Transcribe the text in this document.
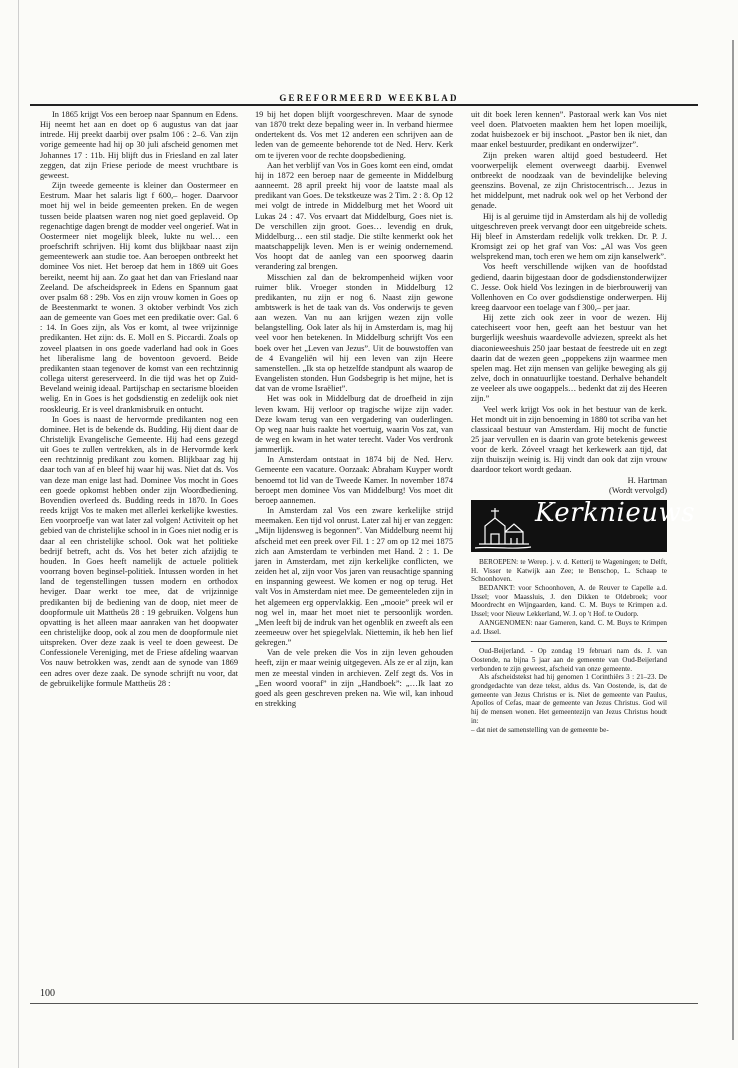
GEREFORMEERD WEEKBLAD

In 1865 krijgt Vos een beroep naar Spannum en Edens. Hij neemt het aan en doet op 6 augustus van dat jaar intrede. Hij preekt daarbij over psalm 106 : 2–6. Van zijn vorige gemeente had hij op 30 juli afscheid genomen met Johannes 17 : 11b. Hij blijft dus in Friesland en zal later zeggen, dat zijn Friese periode de meest vruchtbare is geweest.

Zijn tweede gemeente is kleiner dan Oostermeer en Eestrum. Maar het salaris ligt f 600,– hoger. Daarvoor moet hij wel in beide gemeenten preken. En de wegen tussen beide plaatsen waren nog niet goed geplaveid. Op regenachtige dagen brengt de modder veel ongerief. Wat in Oostermeer niet mogelijk bleek, lukte nu wel… een proefschrift schrijven. Hij komt dus blijkbaar naast zijn gemeentewerk aan studie toe. Aan beroepen ontbreekt het dominee Vos niet. Het beroep dat hem in 1869 uit Goes bereikt, neemt hij aan. Zo gaat het dan van Friesland naar Zeeland. De afscheidspreek in Edens en Spannum gaat over psalm 68 : 29b. Vos en zijn vrouw komen in Goes op de Beestenmarkt te wonen. 3 oktober verbindt Vos zich aan de gemeente van Goes met een predikatie over: Gal. 6 : 14. In Goes zijn, als Vos er komt, al twee vrijzinnige predikanten. Het zijn: ds. E. Moll en S. Piccardi. Zoals op zoveel plaatsen in ons goede vaderland had ook in Goes het liberalisme lang de boventoon gevoerd. Beide predikanten staan tegenover de komst van een rechtzinnig collega uiterst gereserveerd. In die tijd was het op Zuid-Beveland weinig ideaal. Partijschap en sectarisme bloeiden welig. En in Goes is het godsdienstig en zedelijk ook niet rooskleurig. Er is veel drankmisbruik en ontucht.

In Goes is naast de hervormde predikanten nog een dominee. Het is de bekende ds. Budding. Hij dient daar de Christelijk Evangelische Gemeente. Hij had eens gezegd uit Goes te zullen vertrekken, als in de Hervormde kerk een rechtzinnig predikant zou komen. Blijkbaar zag hij daar toch van af en bleef hij waar hij was. Niet dat ds. Vos van deze man enige last had. Dominee Vos mocht in Goes een goede opkomst hebben onder zijn Woordbediening. Bovendien overleed ds. Budding reeds in 1870. In Goes reeds krijgt Vos te maken met allerlei kerkelijke kwesties. Een voorproefje van wat later zal volgen! Activiteit op het gebied van de christelijke school in in Goes niet nodig er is daar al een christelijke school. Ook wat het politieke bedrijf betreft, acht ds. Vos het beter zich afzijdig te houden. In Goes heeft namelijk de actuele politiek voorrang boven beginsel-politiek. Intussen worden in het land de tegenstellingen tussen modern en orthodox heviger. Daar werkt toe mee, dat de vrijzinnige predikanten bij de bediening van de doop, niet meer de doopformule uit Mattheüs 28 : 19 gebruiken. Volgens hun opvatting is het alleen maar aanraken van het doopwater een christelijke doop, ook al zou men de doopformule niet uitspreken. Over deze zaak is veel te doen geweest. De Confessionele Vereniging, met de Friese afdeling waarvan Vos nauw betrokken was, zendt aan de synode van 1869 een adres over deze zaak. De synode schrijft nu voor, dat de gebruikelijke formule Mattheüs 28 :

19 bij het dopen blijft voorgeschreven. Maar de synode van 1870 trekt deze bepaling weer in. In verband hiermee ondertekent ds. Vos met 12 anderen een schrijven aan de leden van de gemeente behorende tot de Ned. Herv. Kerk om te ijveren voor de rechte doopsbediening.

Aan het verblijf van Vos in Goes komt een eind, omdat hij in 1872 een beroep naar de gemeente in Middelburg aanneemt. 28 april preekt hij voor de laatste maal als predikant van Goes. De tekstkeuze was 2 Tim. 2 : 8. Op 12 mei volgt de intrede in Middelburg met het Woord uit Lukas 24 : 47. Vos ervaart dat Middelburg, Goes niet is. De verschillen zijn groot. Goes… levendig en druk, Middelburg… een stil stadje. Die stilte kenmerkt ook het maatschappelijk leven. Men is er weinig ondernemend. Vos hoopt dat de aanleg van een spoorweg daarin verandering zal brengen.

Misschien zal dan de bekrompenheid wijken voor ruimer blik. Vroeger stonden in Middelburg 12 predikanten, nu zijn er nog 6. Naast zijn gewone ambtswerk is het de taak van ds. Vos onderwijs te geven aan wezen. Van nu aan krijgen wezen zijn volle belangstelling. Ook later als hij in Amsterdam is, mag hij veel voor hen betekenen. In Middelburg schrijft Vos een boek over het „Leven van Jezus”. Uit de bouwstoffen van de 4 Evangeliën wil hij een leven van zijn Heere samenstellen. „Ik sta op hetzelfde standpunt als waarop de Evangelisten stonden. Hun Godsbegrip is het mijne, het is dat van de vrome Israëliet”.

Het was ook in Middelburg dat de droefheid in zijn leven kwam. Hij verloor op tragische wijze zijn vader. Deze kwam terug van een vergadering van ouderlingen. Op weg naar huis raakte het voertuig, waarin Vos zat, van de weg en kwam in het water terecht. Vader Vos verdronk jammerlijk.

In Amsterdam ontstaat in 1874 bij de Ned. Herv. Gemeente een vacature. Oorzaak: Abraham Kuyper wordt benoemd tot lid van de Tweede Kamer. In november 1874 beroept men dominee Vos van Middelburg! Vos moet dit beroep aannemen.

In Amsterdam zal Vos een zware kerkelijke strijd meemaken. Een tijd vol onrust. Later zal hij er van zeggen: „Mijn lijdensweg is begonnen”. Van Middelburg neemt hij afscheid met een preek over Fil. 1 : 27 om op 12 mei 1875 zich aan Amsterdam te verbinden met Hand. 2 : 1. De jaren in Amsterdam, met zijn kerkelijke conflicten, we zeiden het al, zijn voor Vos jaren van reusachtige spanning en inspanning geweest. We komen er nog op terug. Het valt Vos in Amsterdam niet mee. De gemeenteleden zijn in het algemeen erg oppervlakkig. Een „mooie” preek wil er nog wel in, maar het moet niet te persoonlijk worden. „Men leeft bij de indruk van het ogenblik en zweeft als een zeemeeuw over het spiegelvlak. Niettemin, ik heb hen lief gekregen.”

Van de vele preken die Vos in zijn leven gehouden heeft, zijn er maar weinig uitgegeven. Als ze er al zijn, kan men ze meestal vinden in archieven. Zelf zegt ds. Vos in „Een woord vooraf” in zijn „Handboek”: „…Ik laat zo goed als geen geschreven preken na. Wie wil, kan inhoud en strekking

uit dit boek leren kennen”. Pastoraal werk kan Vos niet veel doen. Platvoeten maakten hem het lopen moeilijk, zodat huisbezoek er bij inschoot. „Pastor ben ik niet, dan maar enkel bestuurder, predikant en onderwijzer”.

Zijn preken waren altijd goed bestudeerd. Het voorwerpelijk element overweegt daarbij. Evenwel ontbreekt de noodzaak van de bevindelijke beleving geenszins. Bovenal, ze zijn Christocentrisch… Jezus in het middelpunt, met nadruk ook wel op het Verbond der genade.

Hij is al geruime tijd in Amsterdam als hij de volledig uitgeschreven preek vervangt door een uitgebreide schets. Hij bleef in Amsterdam redelijk volk trekken. Dr. P. J. Kromsigt zei op het graf van Vos: „Al was Vos geen welsprekend man, toch eren we hem om zijn kanselwerk”.

Vos heeft verschillende wijken van de hoofdstad gediend, daarin bijgestaan door de godsdienstonderwijzer C. Jesse. Ook hield Vos lezingen in de bierbrouwerij van Vollenhoven en Co over godsdienstige onderwerpen. Hij kreeg daarvoor een toelage van f 300,– per jaar.

Hij zette zich ook zeer in voor de wezen. Hij catechiseert voor hen, geeft aan het bestuur van het burgerlijk weeshuis waardevolle adviezen, spreekt als het diaconieweeshuis 250 jaar bestaat de feestrede uit en zegt daarin dat de wezen geen „poppekens zijn waarmee men spelen mag. Het zijn mensen van gelijke beweging als gij zelve, doch in onnatuurlijke toestand. Derhalve behandelt ze veeleer als uwe oogappels… bedenkt dat zij des Heeren zijn.”

Veel werk krijgt Vos ook in het bestuur van de kerk. Het mondt uit in zijn benoeming in 1880 tot scriba van het classicaal bestuur van Amsterdam. Hij mocht de functie 25 jaar vervullen en is daarin van grote betekenis geweest voor de kerk. Zóveel vraagt het kerkewerk aan tijd, dat zijn thuiszijn weinig is. Hij vindt dan ook dat zijn vrouw daardoor tekort wordt gedaan.

H. Hartman

(Wordt vervolgd)

Kerknieuws

BEROEPEN: te Werep. j. v. d. Ketterij te Wageningen; te Delft, H. Visser te Katwijk aan Zee; te Benschop, L. Schaap te Schoonhoven.

BEDANKT: voor Schoonhoven, A. de Reuver te Capelle a.d. IJssel; voor Maassluis, J. den Dikken te Oldebroek; voor Moordrecht en Wijngaarden, kand. C. M. Buys te Krimpen a.d. IJssel; voor Nieuw Lekkerland, W. J. op 't Hof. te Oudorp.

AANGENOMEN: naar Gameren, kand. C. M. Buys te Krimpen a.d. IJssel.

Oud-Beijerland. - Op zondag 19 februari nam ds. J. van Oostende, na bijna 5 jaar aan de gemeente van Oud-Beijerland verbonden te zijn geweest, afscheid van onze gemeente.

Als afscheidstekst had hij genomen 1 Corinthiërs 3 : 21–23. De grondgedachte van deze tekst, aldus ds. Van Oostende, is, dat de gemeente van Jezus Christus er is. Niet de gemeente van Paulus, Apollos of Cefas, maar de gemeente van Jezus Christus. God wil hij de mensen wonen. Het gemeentezijn van Jezus Christus houdt in:

– dat niet de samenstelling van de gemeente be-

100
